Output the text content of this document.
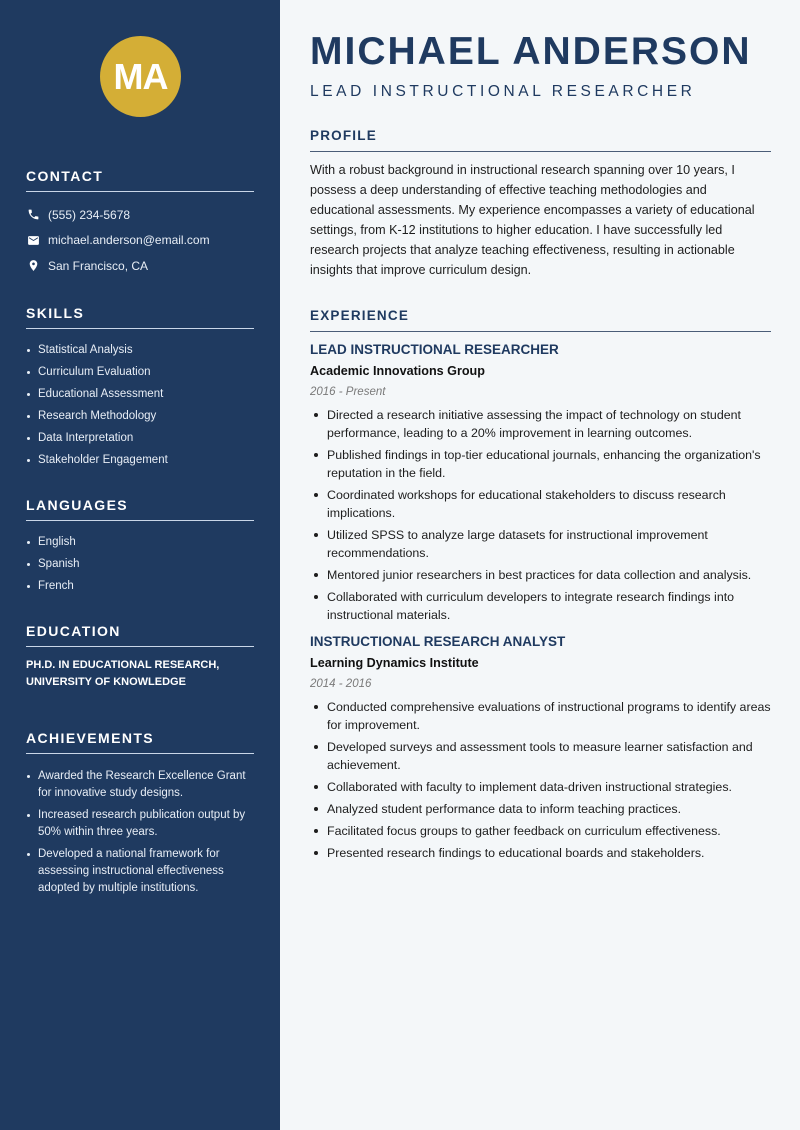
MA
CONTACT
(555) 234-5678
michael.anderson@email.com
San Francisco, CA
SKILLS
Statistical Analysis
Curriculum Evaluation
Educational Assessment
Research Methodology
Data Interpretation
Stakeholder Engagement
LANGUAGES
English
Spanish
French
EDUCATION
PH.D. IN EDUCATIONAL RESEARCH,
UNIVERSITY OF KNOWLEDGE
ACHIEVEMENTS
Awarded the Research Excellence Grant for innovative study designs.
Increased research publication output by 50% within three years.
Developed a national framework for assessing instructional effectiveness adopted by multiple institutions.
MICHAEL ANDERSON
LEAD INSTRUCTIONAL RESEARCHER
PROFILE

With a robust background in instructional research spanning over 10 years, I possess a deep understanding of effective teaching methodologies and educational assessments. My experience encompasses a variety of educational settings, from K-12 institutions to higher education. I have successfully led research projects that analyze teaching effectiveness, resulting in actionable insights that improve curriculum design.

EXPERIENCE
LEAD INSTRUCTIONAL RESEARCHER
Academic Innovations Group
2016 - Present
Directed a research initiative assessing the impact of technology on student performance, leading to a 20% improvement in learning outcomes.
Published findings in top-tier educational journals, enhancing the organization's reputation in the field.
Coordinated workshops for educational stakeholders to discuss research implications.
Utilized SPSS to analyze large datasets for instructional improvement recommendations.
Mentored junior researchers in best practices for data collection and analysis.
Collaborated with curriculum developers to integrate research findings into instructional materials.
INSTRUCTIONAL RESEARCH ANALYST
Learning Dynamics Institute
2014 - 2016
Conducted comprehensive evaluations of instructional programs to identify areas for improvement.
Developed surveys and assessment tools to measure learner satisfaction and achievement.
Collaborated with faculty to implement data-driven instructional strategies.
Analyzed student performance data to inform teaching practices.
Facilitated focus groups to gather feedback on curriculum effectiveness.
Presented research findings to educational boards and stakeholders.
